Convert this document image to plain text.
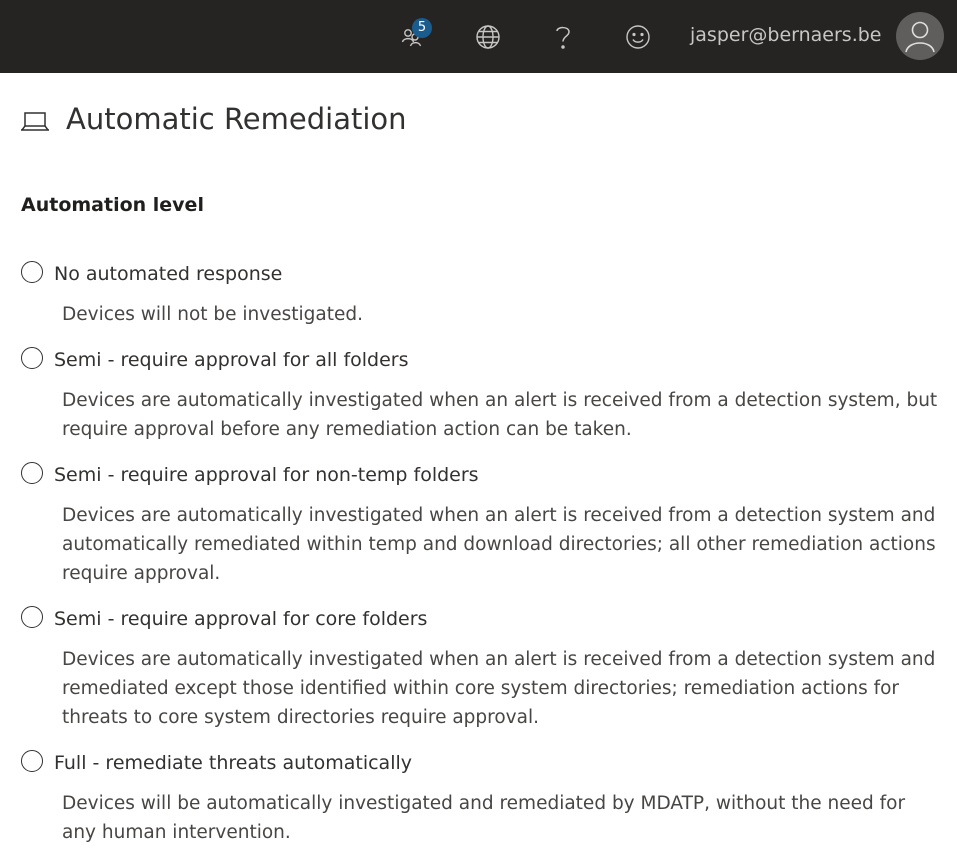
5	jasper@bernaers.be
Automatic Remediation
Automation level
No automated response
Devices will not be investigated.
Semi - require approval for all folders
Devices are automatically investigated when an alert is received from a detection system, but require approval before any remediation action can be taken.
Semi - require approval for non-temp folders
Devices are automatically investigated when an alert is received from a detection system and automatically remediated within temp and download directories; all other remediation actions require approval.
Semi - require approval for core folders
Devices are automatically investigated when an alert is received from a detection system and remediated except those identified within core system directories; remediation actions for threats to core system directories require approval.
Full - remediate threats automatically
Devices will be automatically investigated and remediated by MDATP, without the need for any human intervention.
